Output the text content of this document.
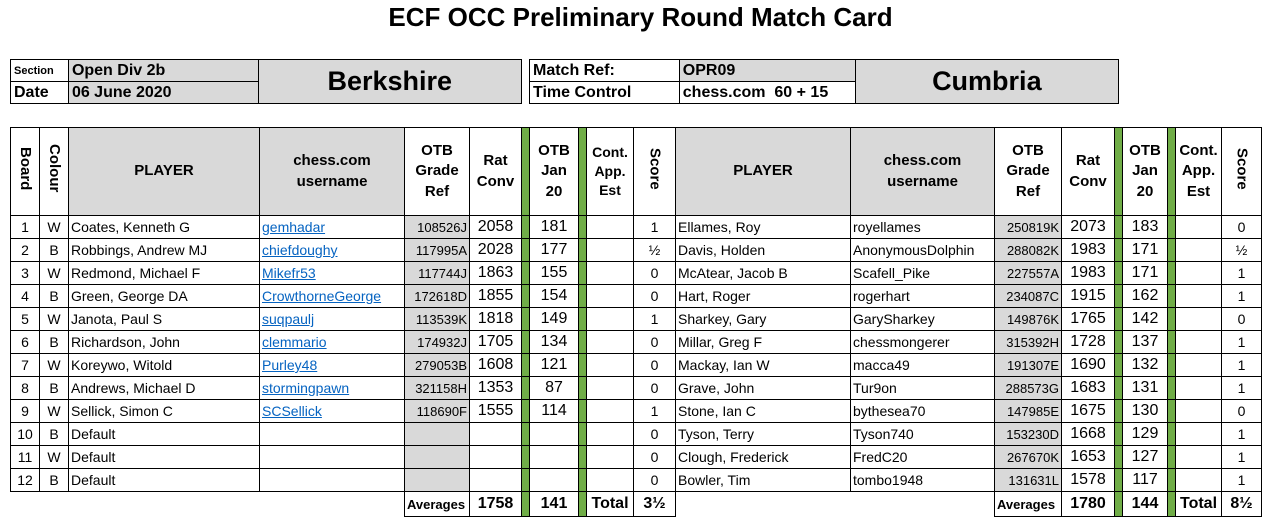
ECF OCC Preliminary Round Match Card
Section	Open Div 2b	Berkshire
Date	06 June 2020	
Match Ref:	OPR09	Cumbria
Time Control	chess.com  60 + 15	
Board	Colour	PLAYER	chess.com username	OTB Grade Ref	Rat Conv		OTB Jan 20		Cont. App. Est	Score	PLAYER	chess.com username	OTB Grade Ref	Rat Conv		OTB Jan 20		Cont. App. Est	Score
1	W	Coates, Kenneth G	gemhadar	108526J	2058		181			1	Ellames, Roy	royellames	250819K	2073		183			0
2	B	Robbings, Andrew MJ	chiefdoughy	117995A	2028		177			½	Davis, Holden	AnonymousDolphin	288082K	1983		171			½
3	W	Redmond, Michael F	Mikefr53	117744J	1863		155			0	McAtear, Jacob B	Scafell_Pike	227557A	1983		171			1
4	B	Green, George DA	CrowthorneGeorge	172618D	1855		154			0	Hart, Roger	rogerhart	234087C	1915		162			1
5	W	Janota, Paul S	suqpaulj	113539K	1818		149			1	Sharkey, Gary	GarySharkey	149876K	1765		142			0
6	B	Richardson, John	clemmario	174932J	1705		134			0	Millar, Greg F	chessmongerer	315392H	1728		137			1
7	W	Koreywo, Witold	Purley48	279053B	1608		121			0	Mackay, Ian W	macca49	191307E	1690		132			1
8	B	Andrews, Michael D	stormingpawn	321158H	1353		87			0	Grave, John	Tur9on	288573G	1683		131			1
9	W	Sellick, Simon C	SCSellick	118690F	1555		114			1	Stone, Ian C	bythesea70	147985E	1675		130			0
10	B	Default								0	Tyson, Terry	Tyson740	153230D	1668		129			1
11	W	Default								0	Clough, Frederick	FredC20	267670K	1653		127			1
12	B	Default								0	Bowler, Tim	tombo1948	131631L	1578		117			1
				Averages	1758		141		Total	3½			Averages	1780		144		Total	8½
